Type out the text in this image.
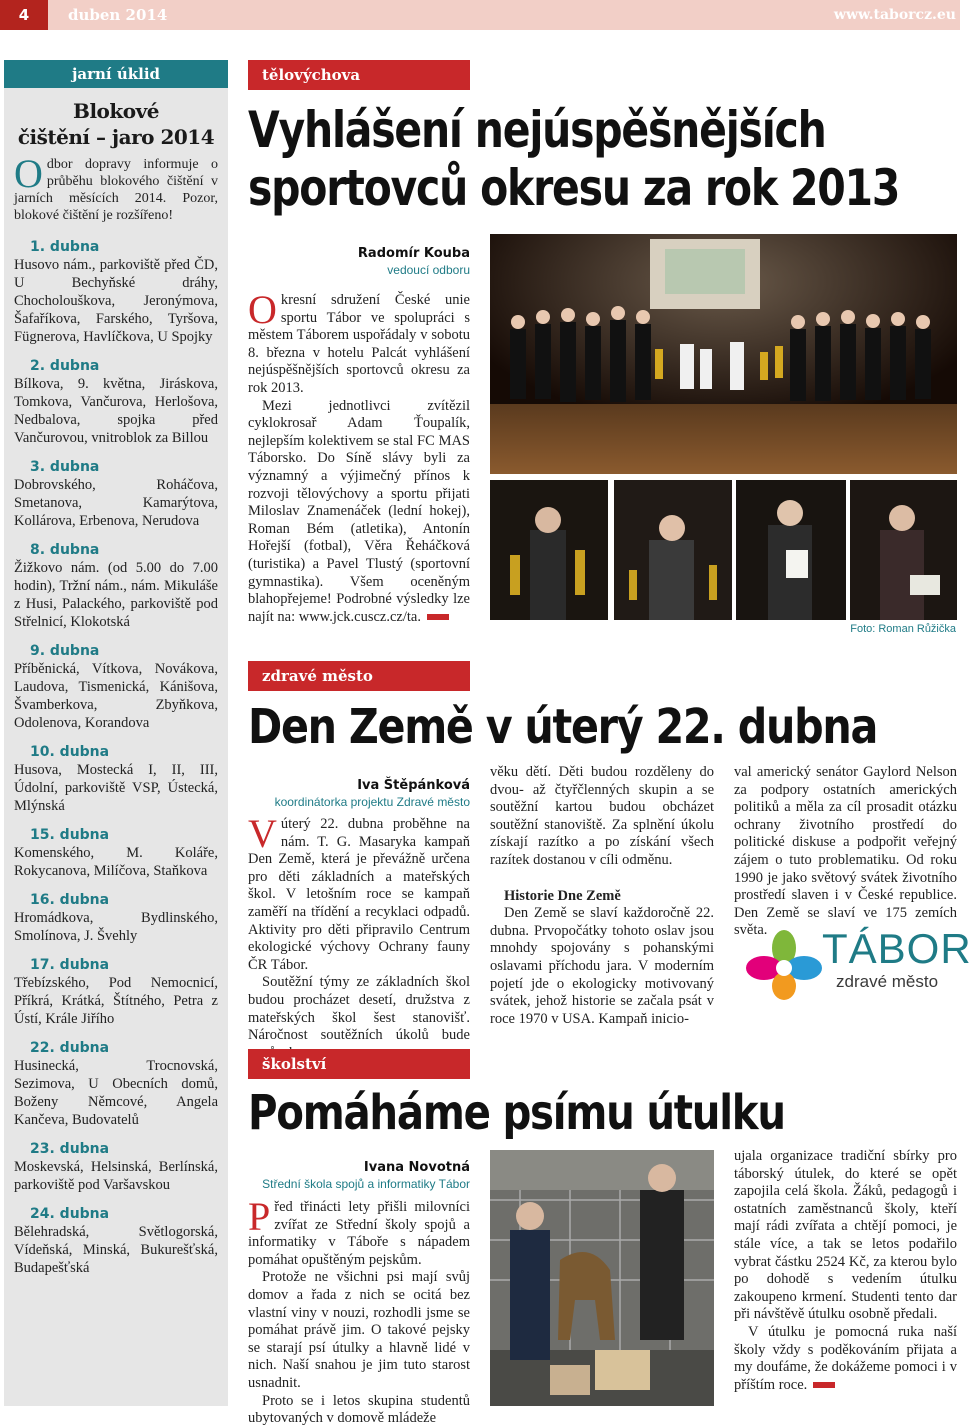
4	duben 2014	www.taborcz.eu
jarní úklid
Blokové
čištění – jaro 2014
Odbor dopravy informuje o průběhu blokového čištění v jarních měsících 2014. Pozor, blokové čištění je rozšířeno!
1. dubna
Husovo nám., parkoviště před ČD, U Bechyňské dráhy, Chocholouškova, Jeronýmova, Šafaříkova, Farského, Tyršova, Fügnerova, Havlíčkova, U Spojky
2. dubna
Bílkova, 9. května, Jiráskova, Tomkova, Vančurova, Herlošova, Nedbalova, spojka před Vančurovou, vnitroblok za Billou
3. dubna
Dobrovského, Roháčova, Smetanova, Kamarýtova, Kollárova, Erbenova, Nerudova
8. dubna
Žižkovo nám. (od 5.00 do 7.00 hodin), Tržní nám., nám. Mikuláše z Husi, Palackého, parkoviště pod Střelnicí, Klokotská
9. dubna
Příběnická, Vítkova, Novákova, Laudova, Tismenická, Kánišova, Švamberkova, Zbyňkova, Odolenova, Korandova
10. dubna
Husova, Mostecká I, II, III, Údolní, parkoviště VSP, Ústecká, Mlýnská
15. dubna
Komenského, M. Koláře, Rokycanova, Milíčova, Staňkova
16. dubna
Hromádkova, Bydlinského, Smolínova, J. Švehly
17. dubna
Třebízského, Pod Nemocnicí, Příkrá, Krátká, Štítného, Petra z Ústí, Krále Jiřího
22. dubna
Husinecká, Trocnovská, Sezimova, U Obecních domů, Boženy Němcové, Angela Kančeva, Budovatelů
23. dubna
Moskevská, Helsinská, Berlínská, parkoviště pod Varšavskou
24. dubna
Bělehradská, Světlogorská, Vídeňská, Minská, Bukurešťská, Budapešťská
tělovýchova
Vyhlášení nejúspěšnějších
sportovců okresu za rok 2013
Radomír Kouba
vedoucí odboru

Okresní sdružení České unie sportu Tábor ve spolupráci s městem Táborem uspořádaly v sobotu 8. března v hotelu Palcát vyhlášení nejúspěšnějších sportovců okresu za rok 2013.

Mezi jednotlivci zvítězil cyklokrosař Adam Ťoupalík, nejlepším kolektivem se stal FC MAS Táborsko. Do Síně slávy byli za významný a výjimečný přínos k rozvoji tělovýchovy a sportu přijati Miloslav Znamenáček (lední hokej), Roman Bém (atletika), Antonín Hořejší (fotbal), Věra Řeháčková (turistika) a Pavel Tlustý (sportovní gymnastika). Všem oceněným blahopřejeme! Podrobné výsledky lze najít na: www.jck.cuscz.cz/ta.

Foto: Roman Růžička
zdravé město
Den Země v úterý 22. dubna
Iva Štěpánková
koordinátorka projektu Zdravé město

Vúterý 22. dubna proběhne na nám. T. G. Masaryka kampaň Den Země, která je převážně určena pro děti základních a mateřských škol. V letošním roce se kampaň zaměří na třídění a recyklaci odpadů. Aktivity pro děti připravilo Centrum ekologické výchovy Ochrany fauny ČR Tábor.

Soutěžní týmy ze základních škol budou procházet desetí, družstva z mateřských škol šest stanovišť. Náročnost soutěžních úkolů bude

věku dětí. Děti budou rozděleny do dvou- až čtyřčlenných skupin a se soutěžní kartou budou obcházet soutěžní stanoviště. Za splnění úkolu získají razítko a po získání všech razítek dostanou v cíli odměnu.

Historie Dne Země

Den Země se slaví každoročně 22. dubna. Prvopočátky tohoto oslav jsou mnohdy spojovány s pohanskými oslavami příchodu jara. V moderním pojetí jde o ekologicky motivovaný svátek, jehož historie se začala psát v roce 1970 v USA. Kampaň inicio-

val americký senátor Gaylord Nelson za podpory ostatních amerických politiků a měla za cíl prosadit otázku ochrany životního prostředí do politické diskuse a podpořit veřejný zájem o tuto problematiku. Od roku 1990 je jako světový svátek životního prostředí slaven i v České republice. Den Země se slaví ve 175 zemích světa.	TÁBOR
zdravé město
školství
Pomáháme psímu útulku
Ivana Novotná
Střední škola spojů a informatiky Tábor

Před třinácti lety přišli milovníci zvířat ze Střední školy spojů a informatiky v Táboře s nápadem pomáhat opuštěným pejskům.

Protože ne všichni psi mají svůj domov a řada z nich se ocitá bez vlastní viny v nouzi, rozhodli jsme se pomáhat právě jim. O takové pejsky se starají psí útulky a hlavně lidé v nich. Naší snahou je jim tuto starost usnadnit.

Proto se i letos skupina studentů ubytovaných v domově mládeže

ujala organizace tradiční sbírky pro táborský útulek, do které se opět zapojila celá škola. Žáků, pedagogů i ostatních zaměstnanců školy, kteří mají rádi zvířata a chtějí pomoci, je stále více, a tak se letos podařilo vybrat částku 2524 Kč, za kterou bylo po dohodě s vedením útulku zakoupeno krmení. Studenti tento dar při návštěvě útulku osobně předali.

V útulku je pomocná ruka naší školy vždy s poděkováním přijata a my doufáme, že dokážeme pomoci i v příštím roce.
